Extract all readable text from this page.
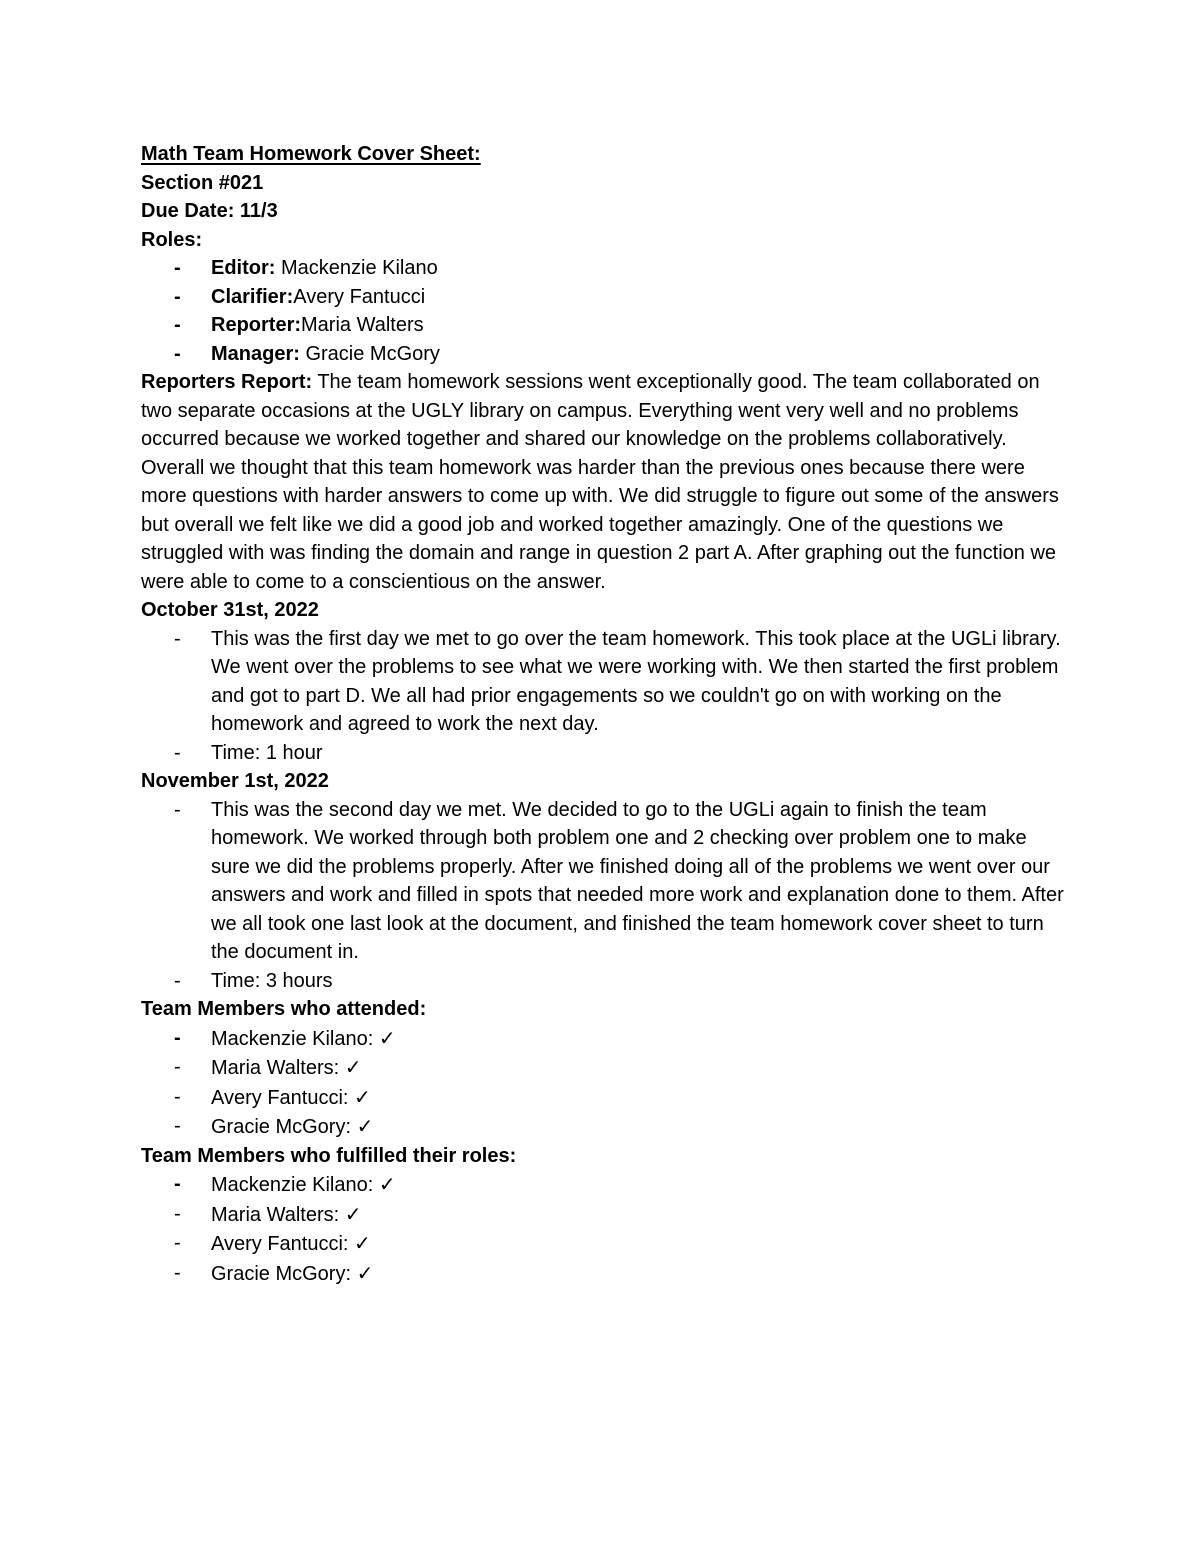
Math Team Homework Cover Sheet:

Section #021

Due Date: 11/3

Roles:

- Editor: Mackenzie Kilano
- Clarifier:Avery Fantucci
- Reporter:Maria Walters
- Manager: Gracie McGory

Reporters Report: The team homework sessions went exceptionally good. The team collaborated on two separate occasions at the UGLY library on campus. Everything went very well and no problems occurred because we worked together and shared our knowledge on the problems collaboratively. Overall we thought that this team homework was harder than the previous ones because there were more questions with harder answers to come up with. We did struggle to figure out some of the answers but overall we felt like we did a good job and worked together amazingly. One of the questions we struggled with was finding the domain and range in question 2 part A. After graphing out the function we were able to come to a conscientious on the answer.

October 31st, 2022

- This was the first day we met to go over the team homework. This took place at the UGLi library. We went over the problems to see what we were working with. We then started the first problem and got to part D. We all had prior engagements so we couldn't go on with working on the homework and agreed to work the next day.
- Time: 1 hour

November 1st, 2022

- This was the second day we met. We decided to go to the UGLi again to finish the team homework. We worked through both problem one and 2 checking over problem one to make sure we did the problems properly. After we finished doing all of the problems we went over our answers and work and filled in spots that needed more work and explanation done to them. After we all took one last look at the document, and finished the team homework cover sheet to turn the document in.
- Time: 3 hours

Team Members who attended:

- Mackenzie Kilano: ✓
- Maria Walters: ✓
- Avery Fantucci: ✓
- Gracie McGory: ✓

Team Members who fulfilled their roles:

- Mackenzie Kilano: ✓
- Maria Walters: ✓
- Avery Fantucci: ✓
- Gracie McGory: ✓
